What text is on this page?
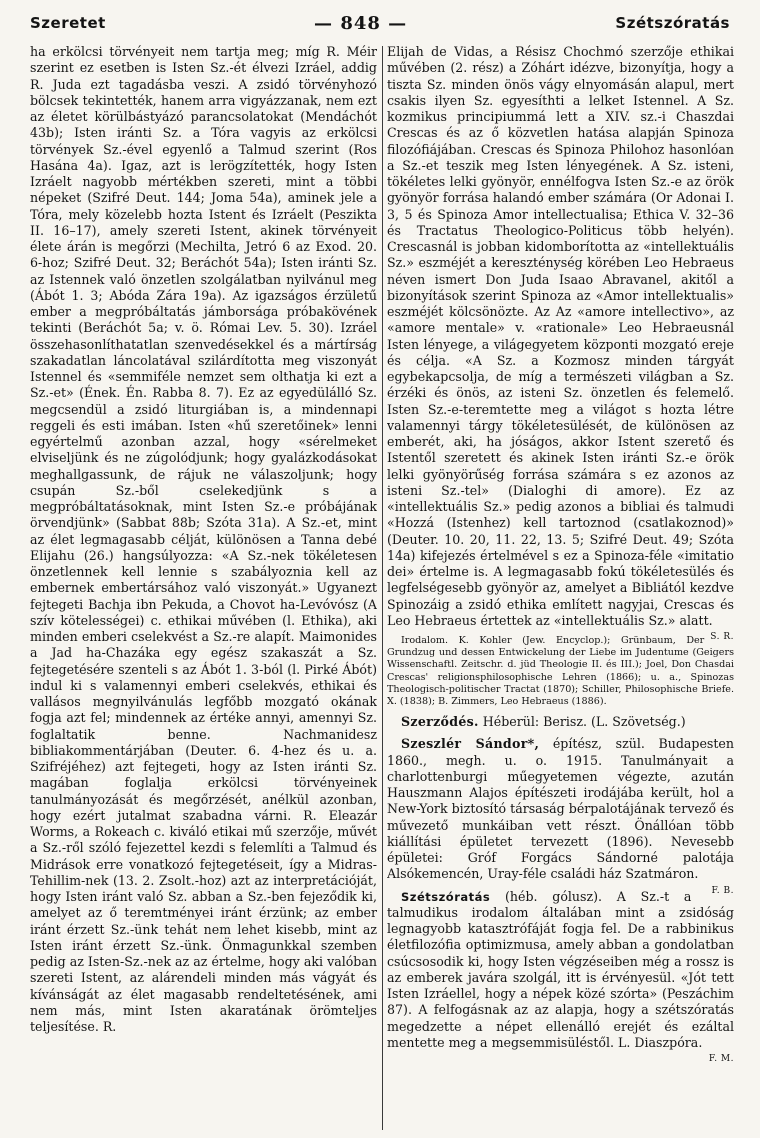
Szeretet	— 848 —	Szétszóratás

ha erkölcsi törvényeit nem tartja meg; míg R. Méir szerint ez esetben is Isten Sz.-ét élvezi Izráel, addig R. Juda ezt tagadásba veszi. A zsidó törvényhozó bölcsek tekintették, hanem arra vigyázzanak, nem ezt az életet körülbástyázó parancsolatokat (Mendáchót 43b); Isten iránti Sz. a Tóra vagyis az erkölcsi törvények Sz.-ével egyenlő a Talmud szerint (Ros Hasána 4a). Igaz, azt is lerögzítették, hogy Isten Izráelt nagyobb mértékben szereti, mint a többi népeket (Szifré Deut. 144; Joma 54a), aminek jele a Tóra, mely közelebb hozta Istent és Izráelt (Peszikta II. 16–17), amely szereti Istent, akinek törvényeit élete árán is megőrzi (Mechilta, Jetró 6 az Exod. 20. 6-hoz; Szifré Deut. 32; Beráchót 54a); Isten iránti Sz. az Istennek való önzetlen szolgálatban nyilvánul meg (Ábót 1. 3; Abóda Zára 19a). Az igazságos érzületű ember a megpróbáltatás jámborsága próbakövének tekinti (Beráchót 5a; v. ö. Római Lev. 5. 30). Izráel összehasonlíthatatlan szenvedésekkel és a mártírság szakadatlan láncolatával szilárdította meg viszonyát Istennel és «semmiféle nemzet sem olthatja ki ezt a Sz.-et» (Ének. Én. Rabba 8. 7). Ez az egyedülálló Sz. megcsendül a zsidó liturgiában is, a mindennapi reggeli és esti imában. Isten «hű szeretőinek» lenni egyértelmű azonban azzal, hogy «sérelmeket elviseljünk és ne zúgolódjunk; hogy gyalázkodásokat meghallgassunk, de rájuk ne válaszoljunk; hogy csupán Sz.-ből cselekedjünk s a megpróbáltatásoknak, mint Isten Sz.-e próbájának örvendjünk» (Sabbat 88b; Szóta 31a). A Sz.-et, mint az élet legmagasabb célját, különösen a Tanna debé Elijahu (26.) hangsúlyozza: «A Sz.-nek tökéletesen önzetlennek kell lennie s szabályoznia kell az embernek embertársához való viszonyát.» Ugyanezt fejtegeti Bachja ibn Pekuda, a Chovot ha-Levóvósz (A szív kötelességei) c. ethikai művében (l. Ethika), aki minden emberi cselekvést a Sz.-re alapít. Maimonides a Jad ha-Chazáka egy egész szakaszát a Sz. fejtegetésére szenteli s az Ábót 1. 3-ból (l. Pirké Ábót) indul ki s valamennyi emberi cselekvés, ethikai és vallásos megnyilvánulás legfőbb mozgató okának fogja azt fel; mindennek az értéke annyi, amennyi Sz. foglaltatik benne. Nachmanidesz bibliakommentárjában (Deuter. 6. 4-hez és u. a. Szifréjéhez) azt fejtegeti, hogy az Isten iránti Sz. magában foglalja erkölcsi törvényeinek tanulmányozását és megőrzését, anélkül azonban, hogy ezért jutalmat szabadna várni. R. Eleazár Worms, a Rokeach c. kiváló etikai mű szerzője, művét a Sz.-ről szóló fejezettel kezdi s felemlíti a Talmud és Midrások erre vonatkozó fejtegetéseit, így a Midras-Tehillim-nek (13. 2. Zsolt.-hoz) azt az interpretációját, hogy Isten iránt való Sz. abban a Sz.-ben fejeződik ki, amelyet az ő teremtményei iránt érzünk; az ember iránt érzett Sz.-ünk tehát nem lehet kisebb, mint az Isten iránt érzett Sz.-ünk. Önmagunkkal szemben pedig az Isten-Sz.-nek az az értelme, hogy aki valóban szereti Istent, az alárendeli minden más vágyát és kívánságát az élet magasabb rendeltetésének, ami nem más, mint Isten akaratának örömteljes teljesítése. R.

Elijah de Vidas, a Résisz Chochmó szerzője ethikai művében (2. rész) a Zóhárt idézve, bizonyítja, hogy a tiszta Sz. minden önös vágy elnyomásán alapul, mert csakis ilyen Sz. egyesíthti a lelket Istennel. A Sz. kozmikus principiummá lett a XIV. sz.-i Chaszdai Crescas és az ő közvetlen hatása alapján Spinoza filozófiájában. Crescas és Spinoza Philohoz hasonlóan a Sz.-et teszik meg Isten lényegének. A Sz. isteni, tökéletes lelki gyönyör, ennélfogva Isten Sz.-e az örök gyönyör forrása halandó ember számára (Or Adonai I. 3, 5 és Spinoza Amor intellectualisa; Ethica V. 32–36 és Tractatus Theologico-Politicus több helyén). Crescasnál is jobban kidomborította az «intellektuális Sz.» eszméjét a kereszténység körében Leo Hebraeus néven ismert Don Juda Isaao Abravanel, akitől a bizonyítások szerint Spinoza az «Amor intellektualis» eszméjét kölcsönözte. Az Az «amore intellectivo», az «amore mentale» v. «rationale» Leo Hebraeusnál Isten lényege, a világegyetem központi mozgató ereje és célja. «A Sz. a Kozmosz minden tárgyát egybekapcsolja, de míg a természeti világban a Sz. érzéki és önös, az isteni Sz. önzetlen és felemelő. Isten Sz.-e-teremtette meg a világot s hozta létre valamennyi tárgy tökéletesülését, de különösen az emberét, aki, ha jóságos, akkor Istent szerető és Istentől szeretett és akinek Isten iránti Sz.-e örök lelki gyönyörűség forrása számára s ez azonos az isteni Sz.-tel» (Dialoghi di amore). Ez az «intellektuális Sz.» pedig azonos a bibliai és talmudi «Hozzá (Istenhez) kell tartoznod (csatlakoznod)» (Deuter. 10. 20, 11. 22, 13. 5; Szifré Deut. 49; Szóta 14a) kifejezés értelmével s ez a Spinoza-féle «imitatio dei» értelme is. A legmagasabb fokú tökéletesülés és legfelségesebb gyönyör az, amelyet a Bibliától kezdve Spinozáig a zsidó ethika említett nagyjai, Crescas és Leo Hebraeus értettek az «intellektuális Sz.» alatt.
S. R.

Irodalom. K. Kohler (Jew. Encyclop.); Grünbaum, Der Grundzug und dessen Entwickelung der Liebe im Judentume (Geigers Wissenschaftl. Zeitschr. d. jüd Theologie II. és III.); Joel, Don Chasdai Crescas' religionsphilosophische Lehren (1866); u. a., Spinozas Theologisch-politischer Tractat (1870); Schiller, Philosophische Briefe. X. (1838); B. Zimmers, Leo Hebraeus (1886).

Szerződés. Héberül: Berisz. (L. Szövetség.)

Szeszlér Sándor*, építész, szül. Budapesten 1860., megh. u. o. 1915. Tanulmányait a charlottenburgi műegyetemen végezte, azután Hauszmann Alajos építészeti irodájába került, hol a New-York biztosító társaság bérpalotájának tervező és művezető munkáiban vett részt. Önállóan több kiállítási épületet tervezett (1896). Nevesebb épületei: Gróf Forgács Sándorné palotája Alsókemencén, Uray-féle családi ház Szatmáron.
F. B.

Szétszóratás (héb. gólusz). A Sz.-t a talmudikus irodalom általában mint a zsidóság legnagyobb katasztrófáját fogja fel. De a rabbinikus életfilozófia optimizmusa, amely abban a gondolatban csúcsosodik ki, hogy Isten végzéseiben még a rossz is az emberek javára szolgál, itt is érvényesül. «Jót tett Isten Izráellel, hogy a népek közé szórta» (Peszáchim 87). A felfogásnak az az alapja, hogy a szétszóratás megedzette a népet ellenálló erejét és ezáltal mentette meg a megsemmisüléstől. L. Diaszpóra.
F. M.
